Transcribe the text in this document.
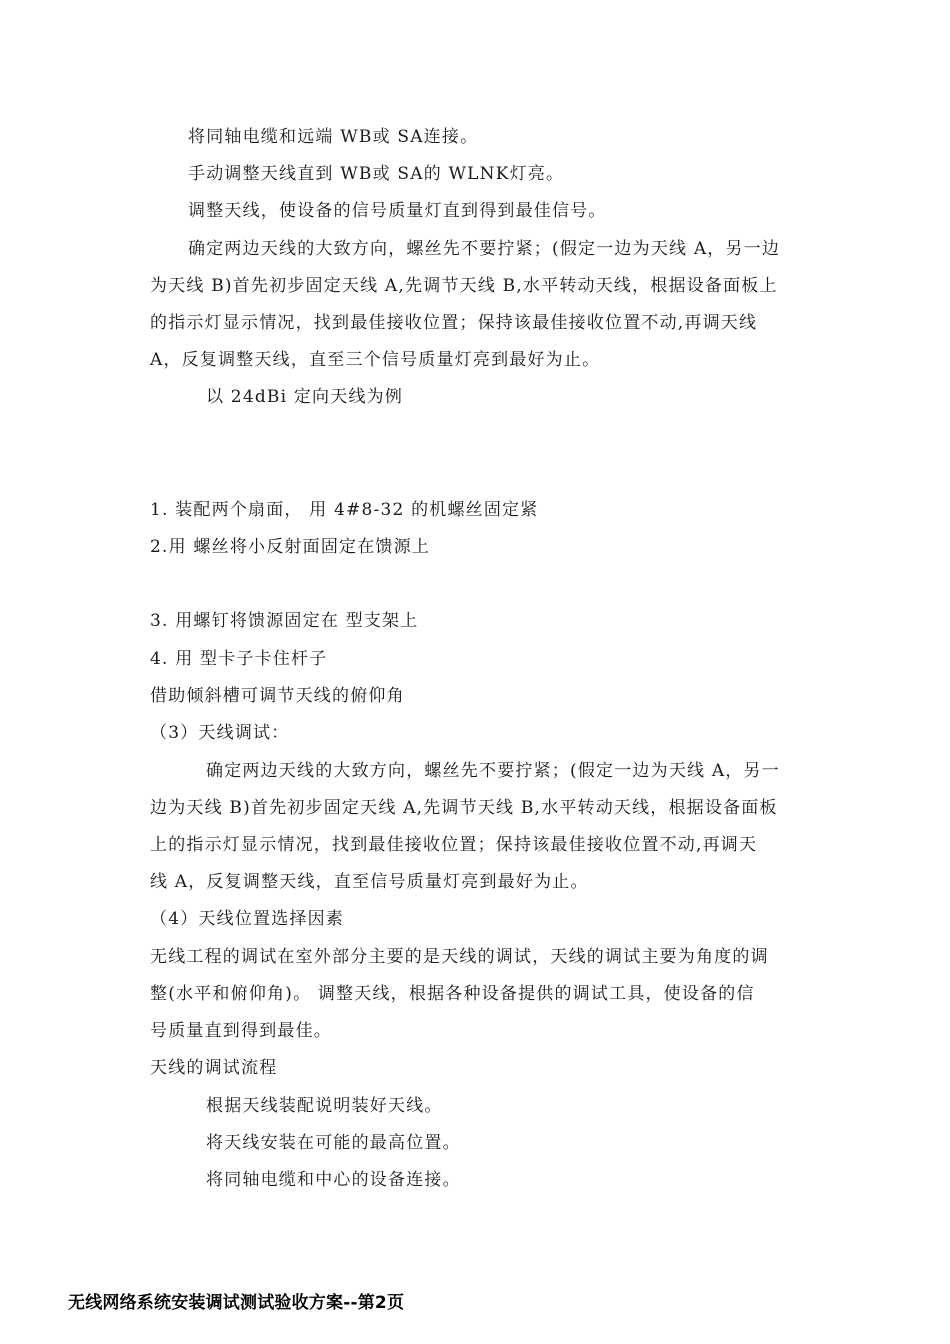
将同轴电缆和远端 WB或 SA连接。
手动调整天线直到 WB或 SA的 WLNK灯亮。
调整天线，使设备的信号质量灯直到得到最佳信号。
确定两边天线的大致方向，螺丝先不要拧紧；(假定一边为天线 A，另一边
为天线 B)首先初步固定天线 A,先调节天线 B,水平转动天线，根据设备面板上
的指示灯显示情况，找到最佳接收位置；保持该最佳接收位置不动,再调天线
A，反复调整天线，直至三个信号质量灯亮到最好为止。
以 24dBi 定向天线为例
1. 装配两个扇面， 用 4#8-32 的机螺丝固定紧
2.用 螺丝将小反射面固定在馈源上
3. 用螺钉将馈源固定在 型支架上
4. 用 型卡子卡住杆子
借助倾斜槽可调节天线的俯仰角
（3）天线调试：
确定两边天线的大致方向，螺丝先不要拧紧；(假定一边为天线 A，另一
边为天线 B)首先初步固定天线 A,先调节天线 B,水平转动天线，根据设备面板
上的指示灯显示情况，找到最佳接收位置；保持该最佳接收位置不动,再调天
线 A，反复调整天线，直至信号质量灯亮到最好为止。
（4）天线位置选择因素
无线工程的调试在室外部分主要的是天线的调试，天线的调试主要为角度的调
整(水平和俯仰角)。 调整天线，根据各种设备提供的调试工具，使设备的信
号质量直到得到最佳。
天线的调试流程
根据天线装配说明装好天线。
将天线安装在可能的最高位置。
将同轴电缆和中心的设备连接。
无线网络系统安装调试测试验收方案--第2页
